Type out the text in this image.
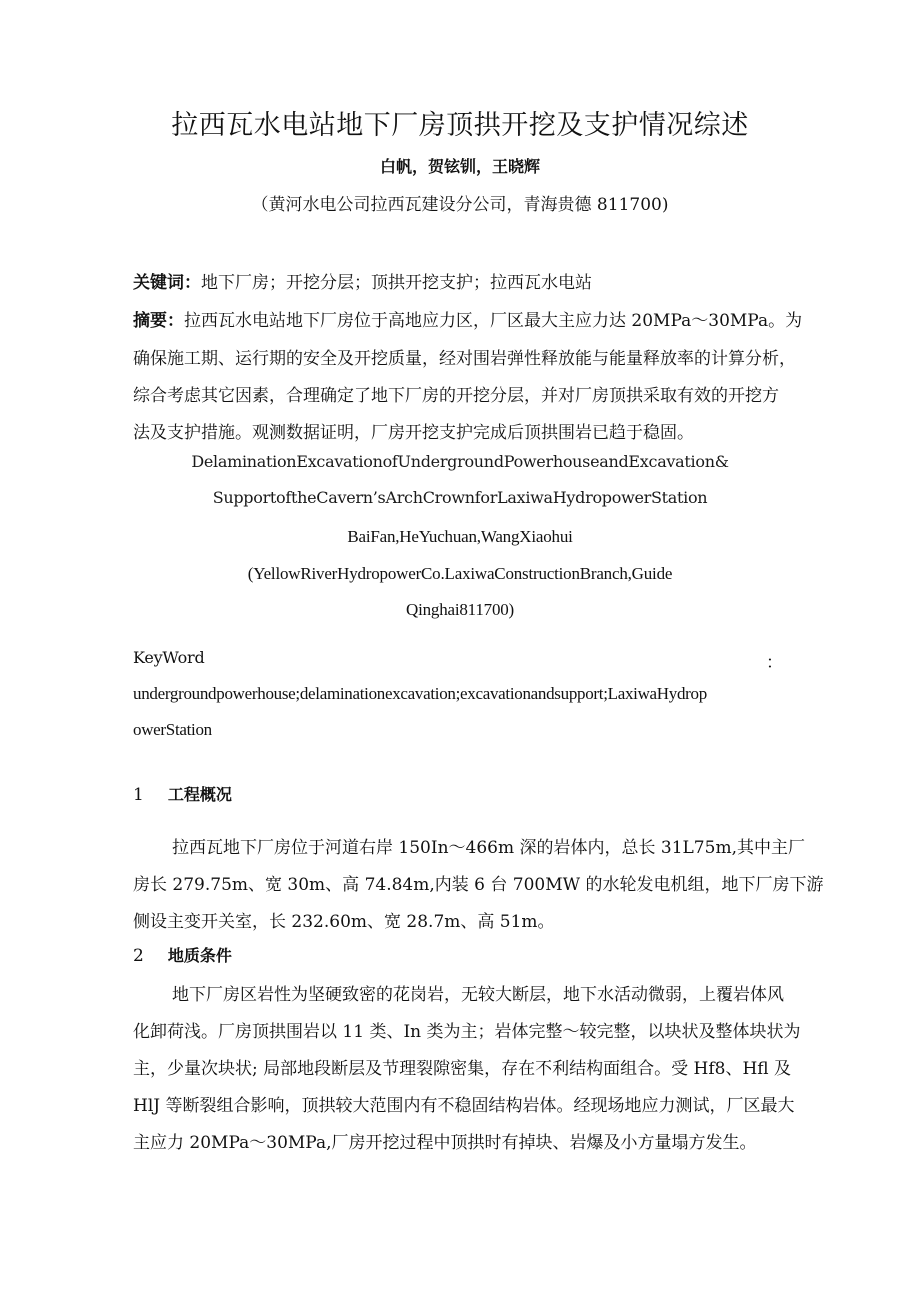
拉西瓦水电站地下厂房顶拱开挖及支护情况综述
白帆，贺铉钏，王晓辉
（黄河水电公司拉西瓦建设分公司，青海贵德 811700)
关键词：地下厂房；开挖分层；顶拱开挖支护；拉西瓦水电站
摘要：拉西瓦水电站地下厂房位于高地应力区，厂区最大主应力达 20MPa～30MPa。为
确保施工期、运行期的安全及开挖质量，经对围岩弹性释放能与能量释放率的计算分析，
综合考虑其它因素，合理确定了地下厂房的开挖分层，并对厂房顶拱采取有效的开挖方
法及支护措施。观测数据证明，厂房开挖支护完成后顶拱围岩已趋于稳固。
DelaminationExcavationofUndergroundPowerhouseandExcavation&
SupportoftheCavern’sArchCrownforLaxiwaHydropowerStation
BaiFan,HeYuchuan,WangXiaohui
(YellowRiverHydropowerCo.LaxiwaConstructionBranch,Guide
Qinghai811700)
KeyWord	：
undergroundpowerhouse;delaminationexcavation;excavationandsupport;LaxiwaHydrop
owerStation
1 工程概况
拉西瓦地下厂房位于河道右岸 150In～466m 深的岩体内，总长 31L75m,其中主厂
房长 279.75m、宽 30m、高 74.84m,内装 6 台 700MW 的水轮发电机组，地下厂房下游
侧设主变开关室，长 232.60m、宽 28.7m、高 51m。
2 地质条件
地下厂房区岩性为坚硬致密的花岗岩，无较大断层，地下水活动微弱，上覆岩体风
化卸荷浅。厂房顶拱围岩以 11 类、In 类为主；岩体完整～较完整，以块状及整体块状为
主，少量次块状; 局部地段断层及节理裂隙密集，存在不利结构面组合。受 Hf8、Hfl 及
HlJ 等断裂组合影响，顶拱较大范围内有不稳固结构岩体。经现场地应力测试，厂区最大
主应力 20MPa～30MPa,厂房开挖过程中顶拱时有掉块、岩爆及小方量塌方发生。
